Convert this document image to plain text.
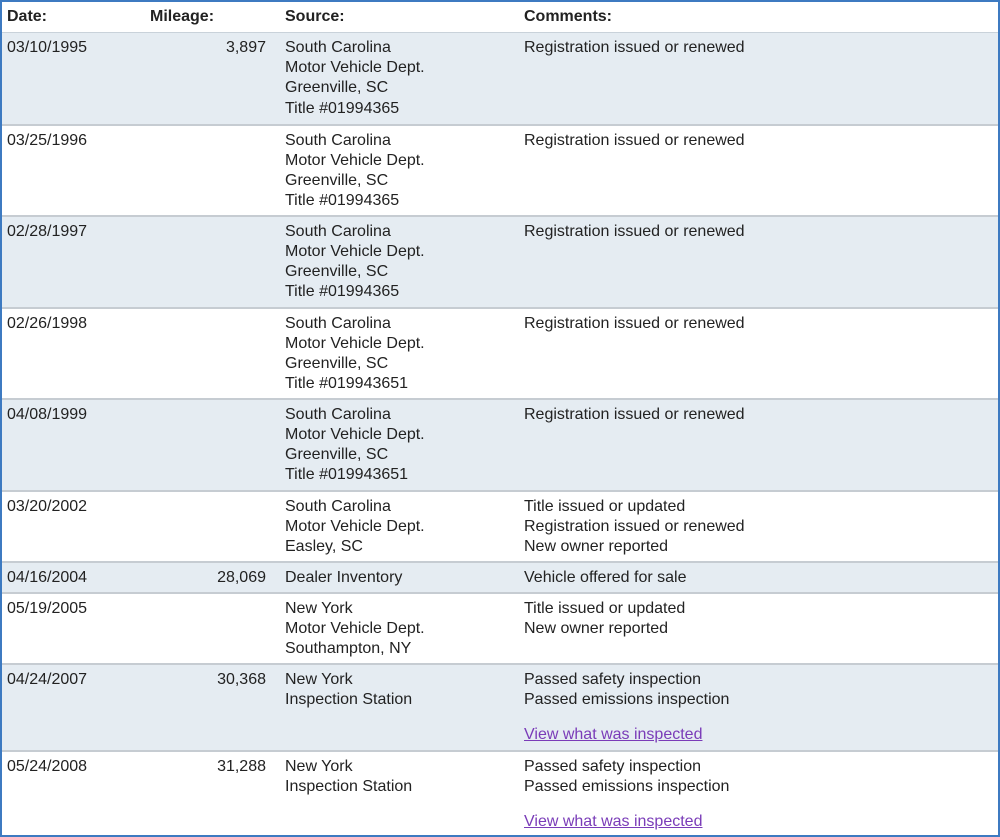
Date:	Mileage:	Source:	Comments:
03/10/1995	3,897	South Carolina
Motor Vehicle Dept.
Greenville, SC
Title #01994365	Registration issued or renewed

03/25/1996		South Carolina
Motor Vehicle Dept.
Greenville, SC
Title #01994365	Registration issued or renewed

02/28/1997		South Carolina
Motor Vehicle Dept.
Greenville, SC
Title #01994365	Registration issued or renewed

02/26/1998		South Carolina
Motor Vehicle Dept.
Greenville, SC
Title #019943651	Registration issued or renewed

04/08/1999		South Carolina
Motor Vehicle Dept.
Greenville, SC
Title #019943651	Registration issued or renewed

03/20/2002		South Carolina
Motor Vehicle Dept.
Easley, SC	Title issued or updated
Registration issued or renewed
New owner reported

04/16/2004	28,069	Dealer Inventory	Vehicle offered for sale

05/19/2005		New York
Motor Vehicle Dept.
Southampton, NY	Title issued or updated
New owner reported

04/24/2007	30,368	New York
Inspection Station	Passed safety inspection
Passed emissions inspection
View what was inspected
05/24/2008	31,288	New York
Inspection Station	Passed safety inspection
Passed emissions inspection
View what was inspected
